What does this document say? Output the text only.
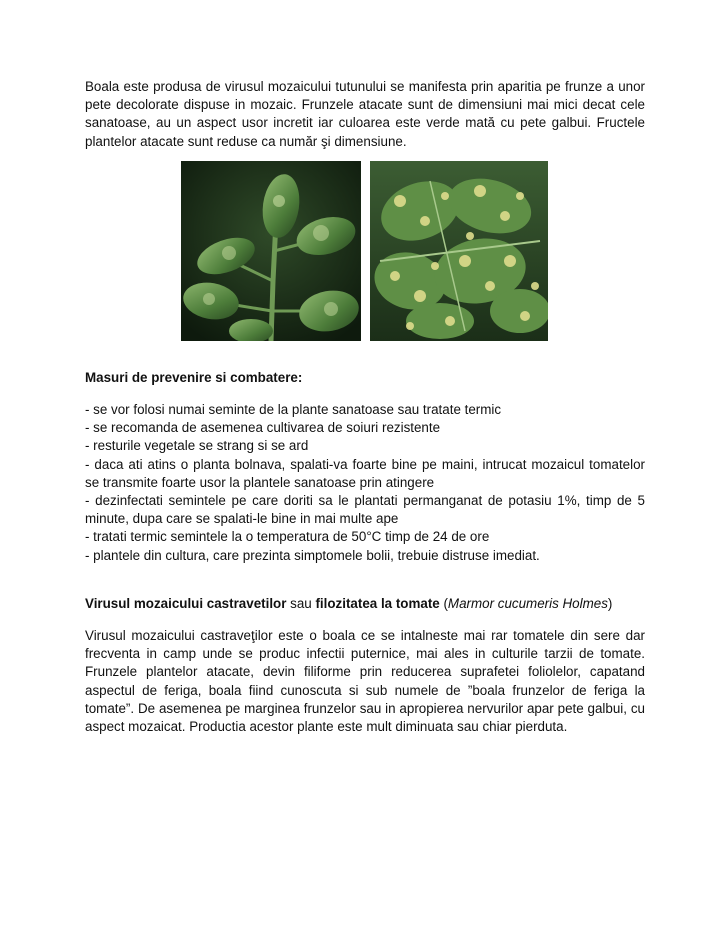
Boala este produsa de virusul mozaicului tutunului se manifesta prin aparitia pe frunze a unor pete decolorate dispuse in mozaic. Frunzele atacate sunt de dimensiuni mai mici decat cele sanatoase, au un aspect usor incretit iar culoarea este verde mată cu pete galbui. Fructele plantelor atacate sunt reduse ca număr şi dimensiune.

Masuri de prevenire si combatere:

- se vor folosi numai seminte de la plante sanatoase sau tratate termic

- se recomanda de asemenea cultivarea de soiuri rezistente

- resturile vegetale se strang si se ard

- daca ati atins o planta bolnava, spalati-va foarte bine pe maini, intrucat mozaicul tomatelor se transmite foarte usor la plantele sanatoase prin atingere

- dezinfectati semintele pe care doriti sa le plantati permanganat de potasiu 1%, timp de 5 minute, dupa care se spalati-le bine in mai multe ape

- tratati termic semintele la o temperatura de 50°C timp de 24 de ore

- plantele din cultura, care prezinta simptomele bolii, trebuie distruse imediat.

Virusul mozaicului castravetilor sau filozitatea la tomate (Marmor cucumeris Holmes)

Virusul mozaicului castraveţilor este o boala ce se intalneste mai rar tomatele din sere dar frecventa in camp unde se produc infectii puternice, mai ales in culturile tarzii de tomate. Frunzele plantelor atacate, devin filiforme prin reducerea suprafetei foliolelor, capatand aspectul de feriga, boala fiind cunoscuta si sub numele de ”boala frunzelor de feriga la tomate”. De asemenea pe marginea frunzelor sau in apropierea nervurilor apar pete galbui, cu aspect mozaicat. Productia acestor plante este mult diminuata sau chiar pierduta.
